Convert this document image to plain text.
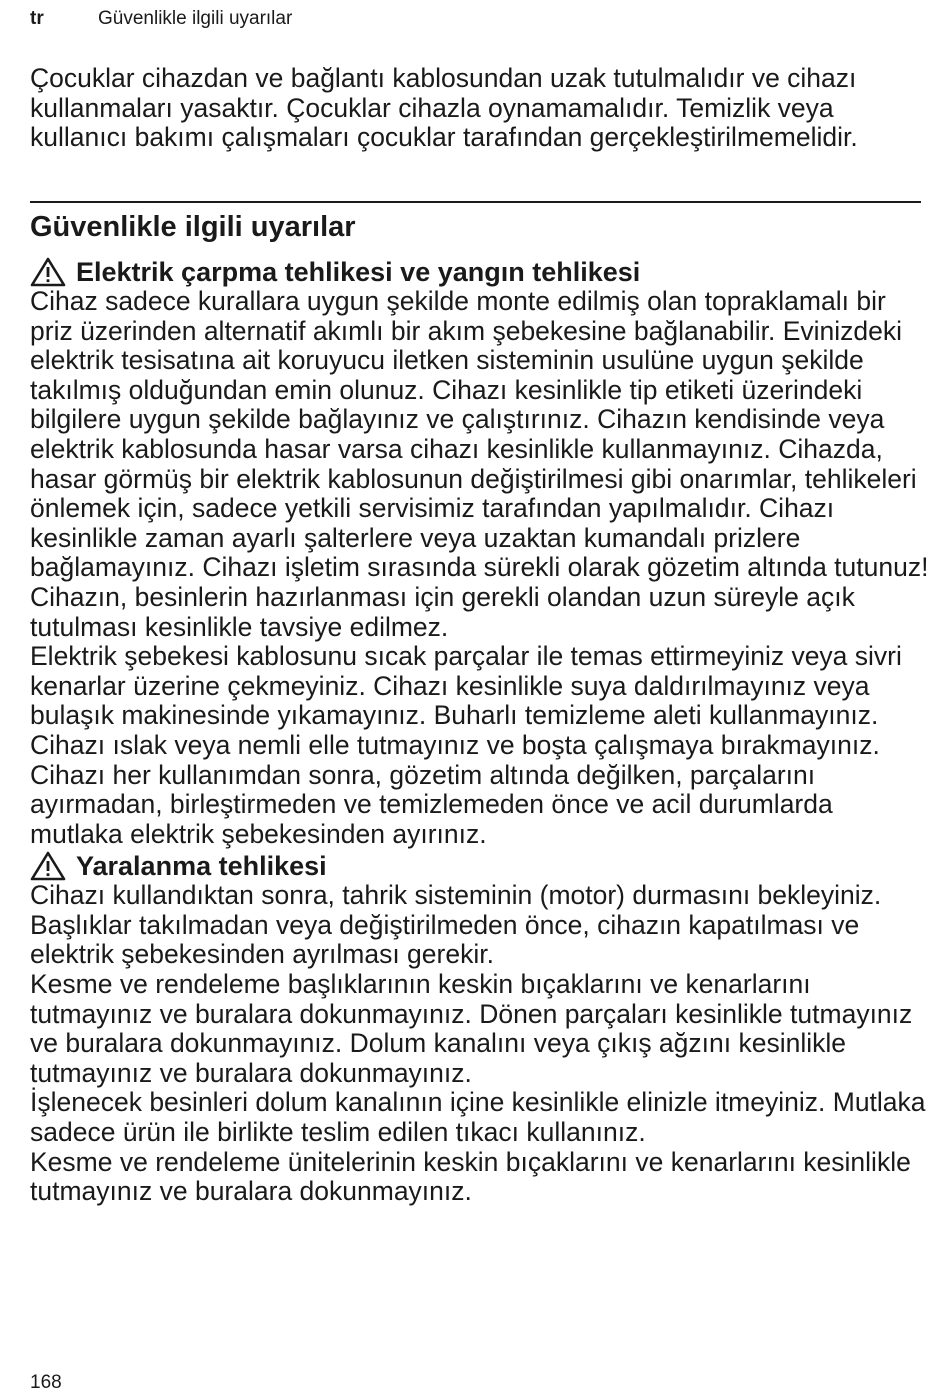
tr	Güvenlikle ilgili uyarılar

Çocuklar cihazdan ve bağlantı kablosundan uzak tutulmalıdır ve cihazı kullanmaları yasaktır. Çocuklar cihazla oynamamalıdır. Temizlik veya kullanıcı bakımı çalışmaları çocuklar tarafından gerçekleştirilmemelidir.

Güvenlikle ilgili uyarılar
Elektrik çarpma tehlikesi ve yangın tehlikesi

Cihaz sadece kurallara uygun şekilde monte edilmiş olan topraklamalı bir priz üzerinden alternatif akımlı bir akım şebekesine bağlanabilir. Evinizdeki elektrik tesisatına ait koruyucu iletken sisteminin usulüne uygun şekilde takılmış olduğundan emin olunuz. Cihazı kesinlikle tip etiketi üzerindeki bilgilere uygun şekilde bağlayınız ve çalıştırınız. Cihazın kendisinde veya elektrik kablosunda hasar varsa cihazı kesinlikle kullanmayınız. Cihazda, hasar görmüş bir elektrik kablosunun değiştirilmesi gibi onarımlar, tehlikeleri önlemek için, sadece yetkili servisimiz tarafından yapılmalıdır. Cihazı kesinlikle zaman ayarlı şalterlere veya uzaktan kumandalı prizlere bağlamayınız. Cihazı işletim sırasında sürekli olarak gözetim altında tutunuz! Cihazın, besinlerin hazırlanması için gerekli olandan uzun süreyle açık tutulması kesinlikle tavsiye edilmez.

Elektrik şebekesi kablosunu sıcak parçalar ile temas ettirmeyiniz veya sivri kenarlar üzerine çekmeyiniz. Cihazı kesinlikle suya daldırılmayınız veya bulaşık makinesinde yıkamayınız. Buharlı temizleme aleti kullanmayınız. Cihazı ıslak veya nemli elle tutmayınız ve boşta çalışmaya bırakmayınız.

Cihazı her kullanımdan sonra, gözetim altında değilken, parçalarını ayırmadan, birleştirmeden ve temizlemeden önce ve acil durumlarda mutlaka elektrik şebekesinden ayırınız.

Yaralanma tehlikesi

Cihazı kullandıktan sonra, tahrik sisteminin (motor) durmasını bekleyiniz. Başlıklar takılmadan veya değiştirilmeden önce, cihazın kapatılması ve elektrik şebekesinden ayrılması gerekir.

Kesme ve rendeleme başlıklarının keskin bıçaklarını ve kenarlarını tutmayınız ve buralara dokunmayınız. Dönen parçaları kesinlikle tutmayınız ve buralara dokunmayınız. Dolum kanalını veya çıkış ağzını kesinlikle tutmayınız ve buralara dokunmayınız.

İşlenecek besinleri dolum kanalının içine kesinlikle elinizle itmeyiniz. Mutlaka sadece ürün ile birlikte teslim edilen tıkacı kullanınız.

Kesme ve rendeleme ünitelerinin keskin bıçaklarını ve kenarlarını kesinlikle tutmayınız ve buralara dokunmayınız.

168
